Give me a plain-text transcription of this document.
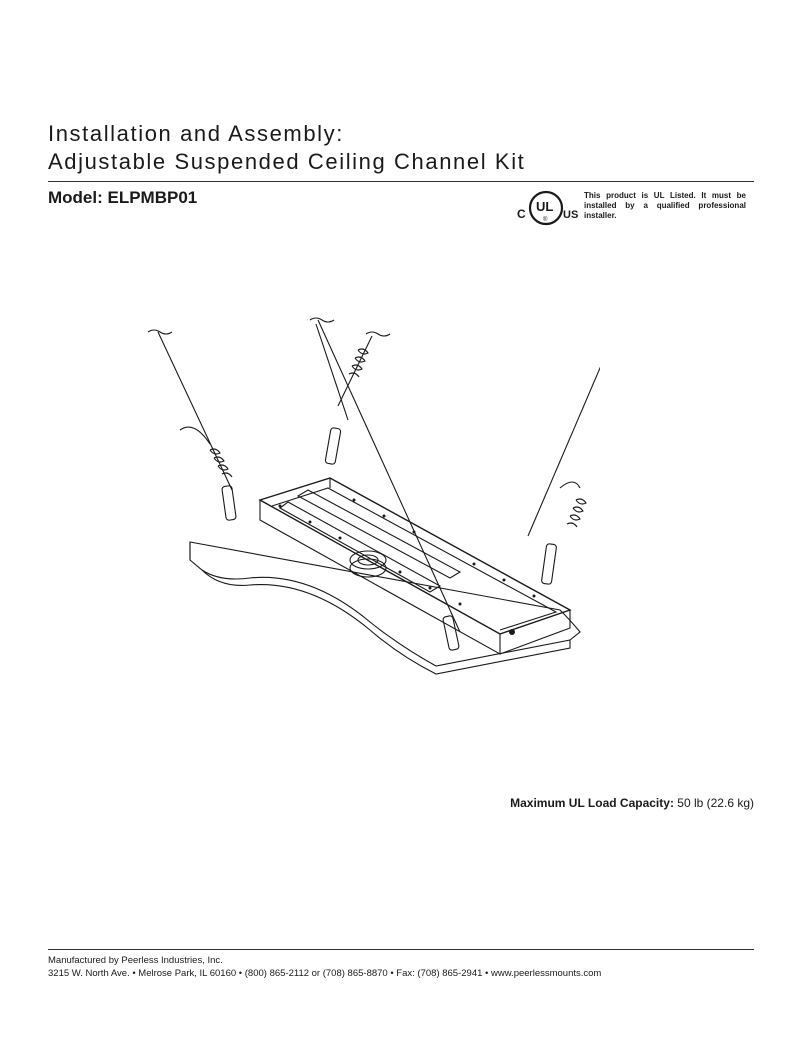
Installation and Assembly:
Adjustable Suspended Ceiling Channel Kit
Model: ELPMBP01
C UL
® US
This product is UL Listed. It must be installed by a qualified professional installer.
Maximum UL Load Capacity: 50 lb (22.6 kg)
Manufactured by Peerless Industries, Inc.
3215 W. North Ave. • Melrose Park, IL 60160 • (800) 865-2112 or (708) 865-8870 • Fax: (708) 865-2941 • www.peerlessmounts.com
